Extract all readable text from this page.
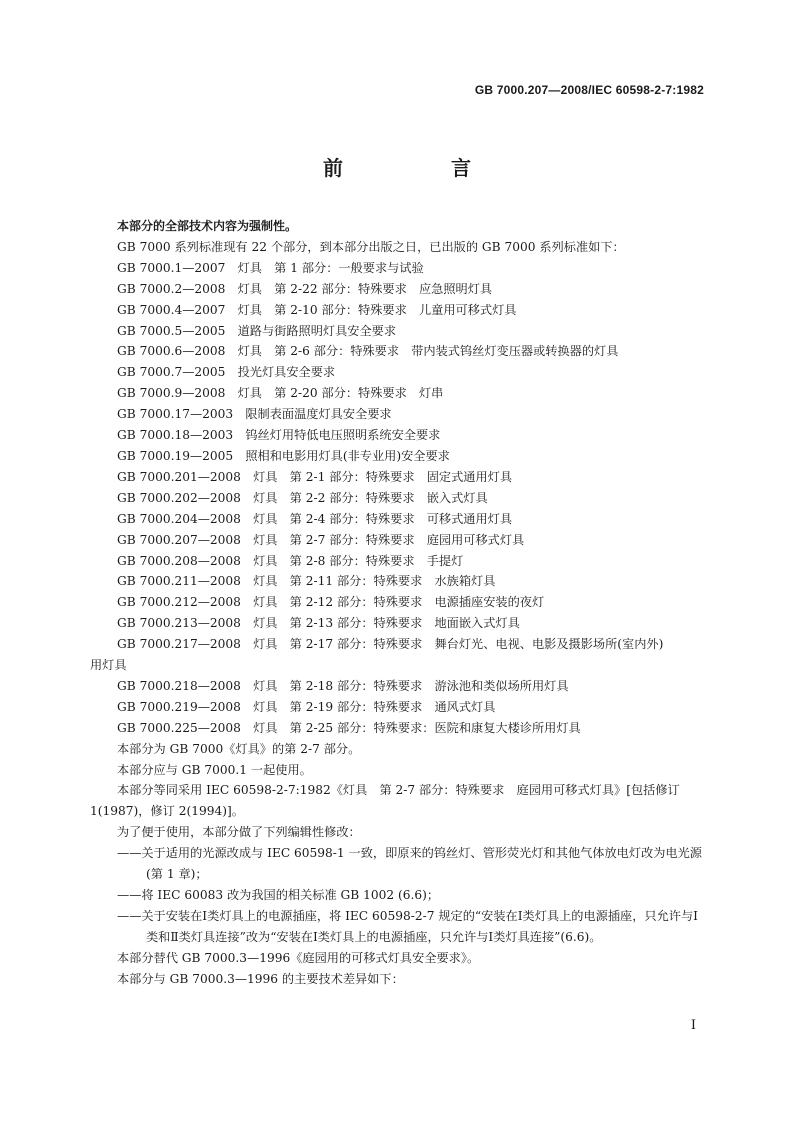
GB 7000.207—2008/IEC 60598-2-7:1982
前　言

本部分的全部技术内容为强制性。

GB 7000 系列标准现有 22 个部分，到本部分出版之日，已出版的 GB 7000 系列标准如下：

GB 7000.1—2007　灯具　第 1 部分：一般要求与试验

GB 7000.2—2008　灯具　第 2-22 部分：特殊要求　应急照明灯具

GB 7000.4—2007　灯具　第 2-10 部分：特殊要求　儿童用可移式灯具

GB 7000.5—2005　道路与街路照明灯具安全要求

GB 7000.6—2008　灯具　第 2-6 部分：特殊要求　带内装式钨丝灯变压器或转换器的灯具

GB 7000.7—2005　投光灯具安全要求

GB 7000.9—2008　灯具　第 2-20 部分：特殊要求　灯串

GB 7000.17—2003　限制表面温度灯具安全要求

GB 7000.18—2003　钨丝灯用特低电压照明系统安全要求

GB 7000.19—2005　照相和电影用灯具(非专业用)安全要求

GB 7000.201—2008　灯具　第 2-1 部分：特殊要求　固定式通用灯具

GB 7000.202—2008　灯具　第 2-2 部分：特殊要求　嵌入式灯具

GB 7000.204—2008　灯具　第 2-4 部分：特殊要求　可移式通用灯具

GB 7000.207—2008　灯具　第 2-7 部分：特殊要求　庭园用可移式灯具

GB 7000.208—2008　灯具　第 2-8 部分：特殊要求　手提灯

GB 7000.211—2008　灯具　第 2-11 部分：特殊要求　水族箱灯具

GB 7000.212—2008　灯具　第 2-12 部分：特殊要求　电源插座安装的夜灯

GB 7000.213—2008　灯具　第 2-13 部分：特殊要求　地面嵌入式灯具

GB 7000.217—2008　灯具　第 2-17 部分：特殊要求　舞台灯光、电视、电影及摄影场所(室内外)

用灯具

GB 7000.218—2008　灯具　第 2-18 部分：特殊要求　游泳池和类似场所用灯具

GB 7000.219—2008　灯具　第 2-19 部分：特殊要求　通风式灯具

GB 7000.225—2008　灯具　第 2-25 部分：特殊要求：医院和康复大楼诊所用灯具

本部分为 GB 7000《灯具》的第 2-7 部分。

本部分应与 GB 7000.1 一起使用。

本部分等同采用 IEC 60598-2-7:1982《灯具　第 2-7 部分：特殊要求　庭园用可移式灯具》[包括修订 1(1987)，修订 2(1994)]。

为了便于使用，本部分做了下列编辑性修改：

——关于适用的光源改成与 IEC 60598-1 一致，即原来的钨丝灯、管形荧光灯和其他气体放电灯改为电光源(第 1 章)；

——将 IEC 60083 改为我国的相关标准 GB 1002 (6.6)；

——关于安装在Ⅰ类灯具上的电源插座，将 IEC 60598-2-7 规定的“安装在Ⅰ类灯具上的电源插座，只允许与Ⅰ类和Ⅱ类灯具连接”改为“安装在Ⅰ类灯具上的电源插座，只允许与Ⅰ类灯具连接”(6.6)。

本部分替代 GB 7000.3—1996《庭园用的可移式灯具安全要求》。

本部分与 GB 7000.3—1996 的主要技术差异如下：

I
